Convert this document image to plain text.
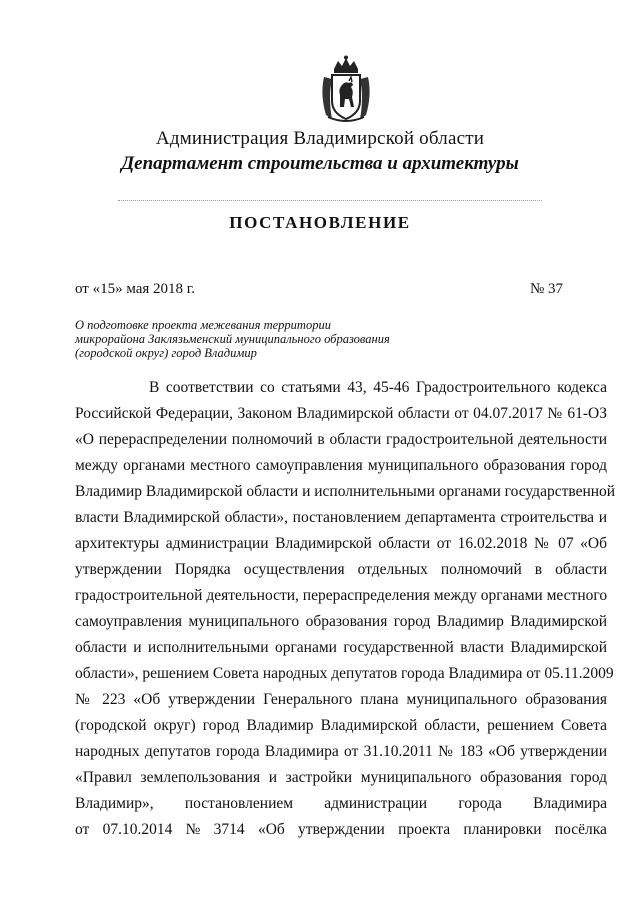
Администрация Владимирской области
Департамент строительства и архитектуры
ПОСТАНОВЛЕНИЕ
от «15» мая 2018 г.	№ 37
О подготовке проекта межевания территории
микрорайона Заклязьменский муниципального образования
(городской округ) город Владимир
В соответствии со статьями 43, 45-46 Градостроительного кодекса
Российской Федерации, Законом Владимирской области от 04.07.2017 № 61-ОЗ
«О перераспределении полномочий в области градостроительной деятельности
между органами местного самоуправления муниципального образования город
Владимир Владимирской области и исполнительными органами государственной
власти Владимирской области», постановлением департамента строительства и
архитектуры администрации Владимирской области от 16.02.2018 № 07 «Об
утверждении Порядка осуществления отдельных полномочий в области
градостроительной деятельности, перераспределения между органами местного
самоуправления муниципального образования город Владимир Владимирской
области и исполнительными органами государственной власти Владимирской
области», решением Совета народных депутатов города Владимира от 05.11.2009
№ 223 «Об утверждении Генерального плана муниципального образования
(городской округ) город Владимир Владимирской области, решением Совета
народных депутатов города Владимира от 31.10.2011 № 183 «Об утверждении
«Правил землепользования и застройки муниципального образования город
Владимир», постановлением администрации города Владимира
от 07.10.2014 № 3714 «Об утверждении проекта планировки посёлка
